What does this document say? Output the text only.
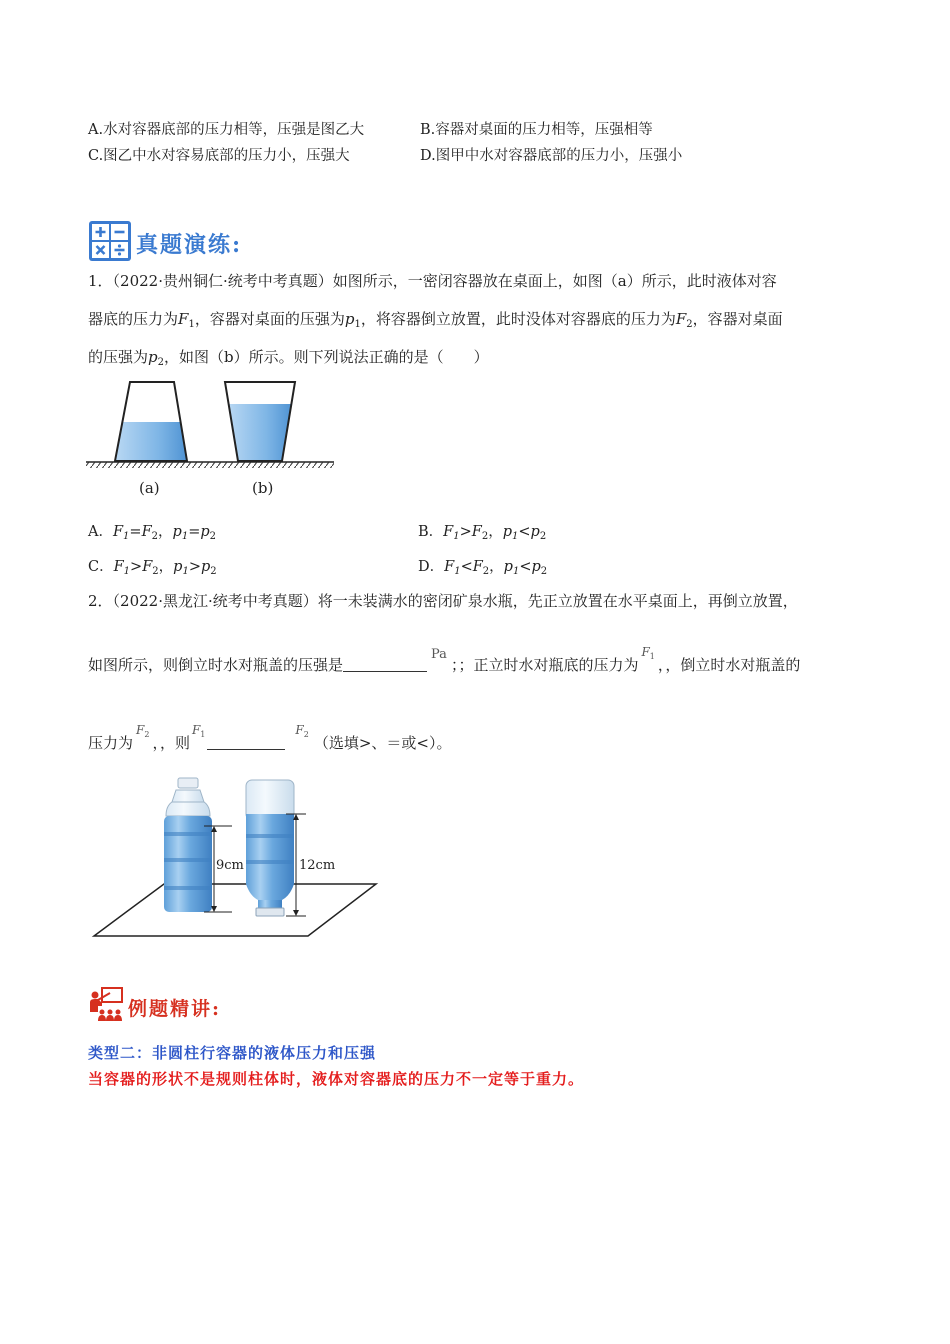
A.水对容器底部的压力相等，压强是图乙大	B.容器对桌面的压力相等，压强相等
C.图乙中水对容易底部的压力小，压强大	D.图甲中水对容器底部的压力小，压强小
真题演练:
1．（2022·贵州铜仁·统考中考真题）如图所示，一密闭容器放在桌面上，如图（a）所示，此时液体对容
器底的压力为$F_1$，容器对桌面的压强为$p_1$，将容器倒立放置，此时没体对容器底的压力为$F_2$，容器对桌面
的压强为$p_2$，如图（b）所示。则下列说法正确的是（　　）
(a)	(b)
A．$F_1=F_2$，$p_1=p_2$	B．$F_1>F_2$，$p_1<p_2$
C．$F_1>F_2$，$p_1>p_2$	D．$F_1<F_2$，$p_1<p_2$
2．（2022·黑龙江·统考中考真题）将一未装满水的密闭矿泉水瓶，先正立放置在水平桌面上，再倒立放置，
如图所示，则倒立时水对瓶盖的压强是Pa；；正立时水对瓶底的压力为$^{F_1}$ ，，倒立时水对瓶盖的
压力为$^{F_2}$ ，，则$^{F_1}$	$^{F_2}$ （选填>、＝或<）。
9cm	12cm
例题精讲:
类型二：非圆柱行容器的液体压力和压强
当容器的形状不是规则柱体时，液体对容器底的压力不一定等于重力。
